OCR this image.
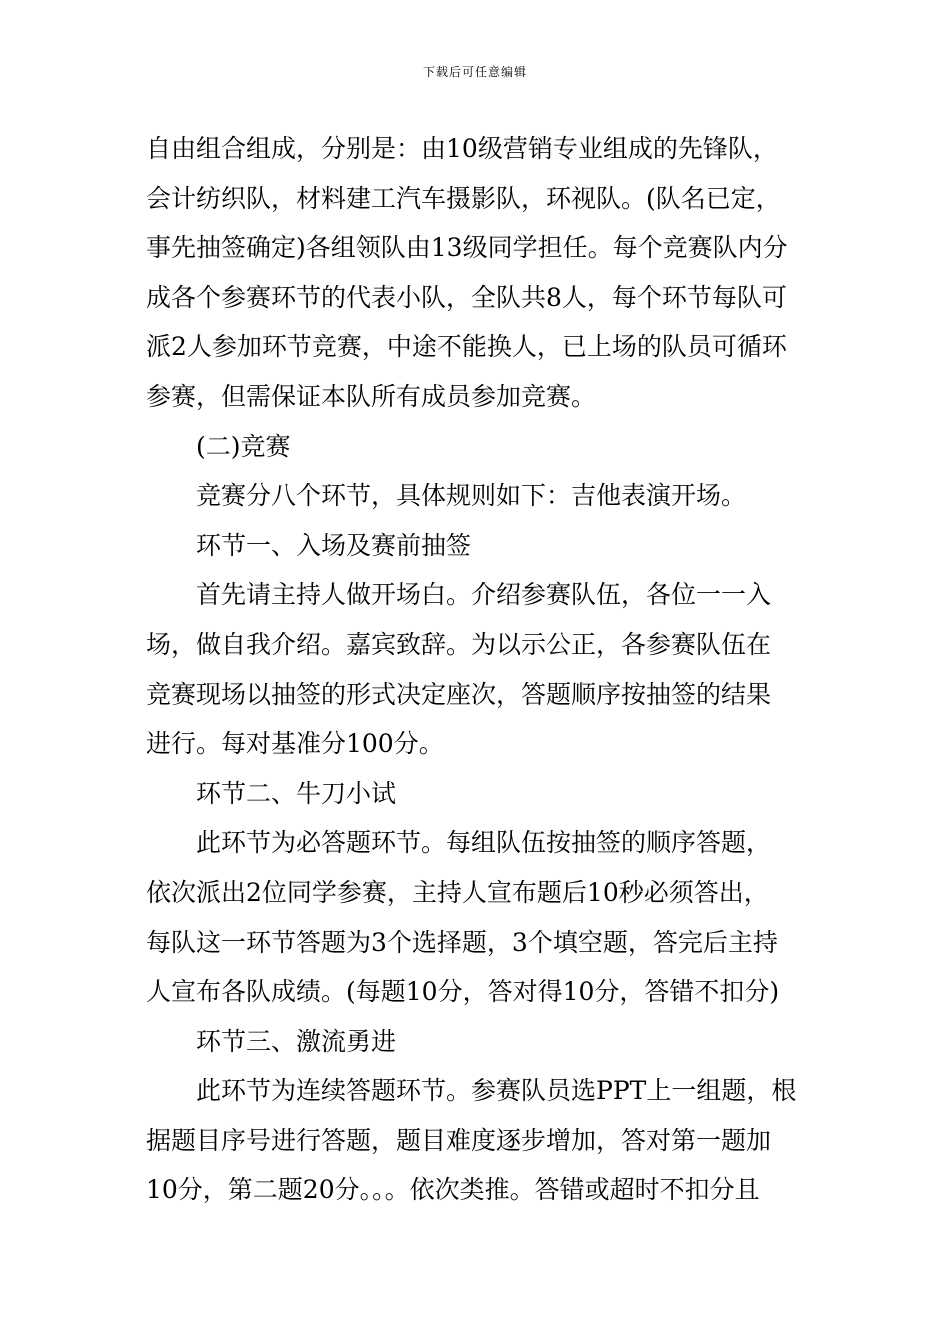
下载后可任意编辑
自由组合组成，分别是：由10级营销专业组成的先锋队，
会计纺织队，材料建工汽车摄影队，环视队。(队名已定，
事先抽签确定)各组领队由13级同学担任。每个竞赛队内分
成各个参赛环节的代表小队，全队共8人，每个环节每队可
派2人参加环节竞赛，中途不能换人，已上场的队员可循环
参赛，但需保证本队所有成员参加竞赛。
(二)竞赛
竞赛分八个环节，具体规则如下：吉他表演开场。
环节一、入场及赛前抽签
首先请主持人做开场白。介绍参赛队伍，各位一一入
场，做自我介绍。嘉宾致辞。为以示公正，各参赛队伍在
竞赛现场以抽签的形式决定座次，答题顺序按抽签的结果
进行。每对基准分100分。
环节二、牛刀小试
此环节为必答题环节。每组队伍按抽签的顺序答题，
依次派出2位同学参赛，主持人宣布题后10秒必须答出，
每队这一环节答题为3个选择题，3个填空题，答完后主持
人宣布各队成绩。(每题10分，答对得10分，答错不扣分)
环节三、激流勇进
此环节为连续答题环节。参赛队员选PPT上一组题，根
据题目序号进行答题，题目难度逐步增加，答对第一题加
10分，第二题20分。。。依次类推。答错或超时不扣分且
